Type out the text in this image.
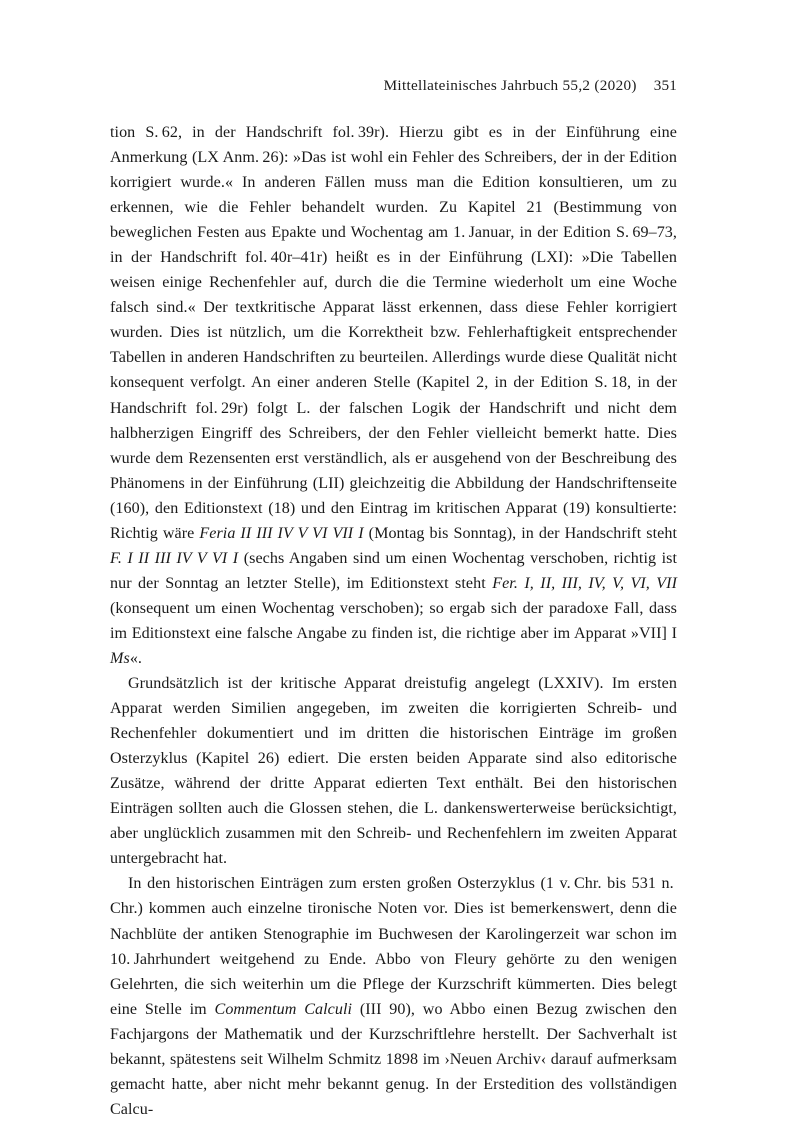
Mittellateinisches Jahrbuch 55,2 (2020) 351

tion S. 62, in der Handschrift fol. 39r). Hierzu gibt es in der Einführung eine Anmerkung (LX Anm. 26): »Das ist wohl ein Fehler des Schreibers, der in der Edition korrigiert wurde.« In anderen Fällen muss man die Edition konsultieren, um zu erkennen, wie die Fehler behandelt wurden. Zu Kapitel 21 (Bestimmung von beweglichen Festen aus Epakte und Wochentag am 1. Januar, in der Edition S. 69–73, in der Handschrift fol. 40r–41r) heißt es in der Einführung (LXI): »Die Tabellen weisen einige Rechenfehler auf, durch die die Termine wiederholt um eine Woche falsch sind.« Der textkritische Apparat lässt erkennen, dass diese Fehler korrigiert wurden. Dies ist nützlich, um die Korrektheit bzw. Fehlerhaftigkeit entsprechender Tabellen in anderen Handschriften zu beurteilen. Allerdings wurde diese Qualität nicht konsequent verfolgt. An einer anderen Stelle (Kapitel 2, in der Edition S. 18, in der Handschrift fol. 29r) folgt L. der falschen Logik der Handschrift und nicht dem halbherzigen Eingriff des Schreibers, der den Fehler vielleicht bemerkt hatte. Dies wurde dem Rezensenten erst verständlich, als er ausgehend von der Beschreibung des Phänomens in der Einführung (LII) gleichzeitig die Abbildung der Handschriftenseite (160), den Editionstext (18) und den Eintrag im kritischen Apparat (19) konsultierte: Richtig wäre Feria II III IV V VI VII I (Montag bis Sonntag), in der Handschrift steht F. I II III IV V VI I (sechs Angaben sind um einen Wochentag verschoben, richtig ist nur der Sonntag an letzter Stelle), im Editionstext steht Fer. I, II, III, IV, V, VI, VII (konsequent um einen Wochentag verschoben); so ergab sich der paradoxe Fall, dass im Editionstext eine falsche Angabe zu finden ist, die richtige aber im Apparat »VII] I Ms«.

Grundsätzlich ist der kritische Apparat dreistufig angelegt (LXXIV). Im ersten Apparat werden Similien angegeben, im zweiten die korrigierten Schreib- und Rechenfehler dokumentiert und im dritten die historischen Einträge im großen Osterzyklus (Kapitel 26) ediert. Die ersten beiden Apparate sind also editorische Zusätze, während der dritte Apparat edierten Text enthält. Bei den historischen Einträgen sollten auch die Glossen stehen, die L. dankenswerterweise berücksichtigt, aber unglücklich zusammen mit den Schreib- und Rechenfehlern im zweiten Apparat untergebracht hat.

In den historischen Einträgen zum ersten großen Osterzyklus (1 v. Chr. bis 531 n. Chr.) kommen auch einzelne tironische Noten vor. Dies ist bemerkenswert, denn die Nachblüte der antiken Stenographie im Buchwesen der Karolingerzeit war schon im 10. Jahrhundert weitgehend zu Ende. Abbo von Fleury gehörte zu den wenigen Gelehrten, die sich weiterhin um die Pflege der Kurzschrift kümmerten. Dies belegt eine Stelle im Commentum Calculi (III 90), wo Abbo einen Bezug zwischen den Fachjargons der Mathematik und der Kurzschriftlehre herstellt. Der Sachverhalt ist bekannt, spätestens seit Wilhelm Schmitz 1898 im ›Neuen Archiv‹ darauf aufmerksam gemacht hatte, aber nicht mehr bekannt genug. In der Erstedition des vollständigen Calcu-
